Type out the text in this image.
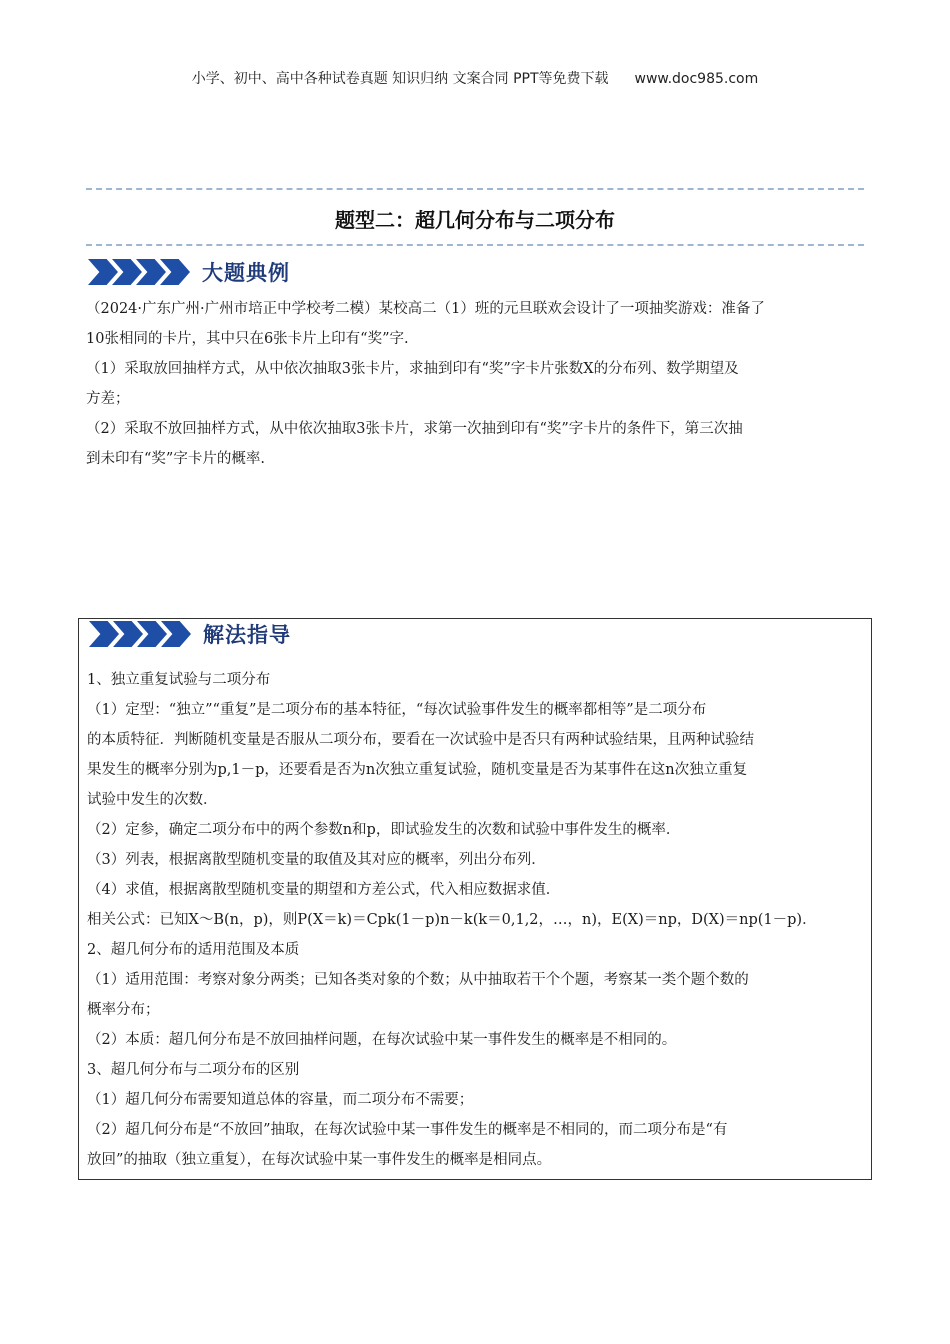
小学、初中、高中各种试卷真题 知识归纳 文案合同 PPT等免费下载 www.doc985.com
题型二：超几何分布与二项分布
大题典例

（2024·广东广州·广州市培正中学校考二模）某校高二（1）班的元旦联欢会设计了一项抽奖游戏：准备了

10张相同的卡片，其中只在6张卡片上印有“奖”字.

（1）采取放回抽样方式，从中依次抽取3张卡片，求抽到印有“奖”字卡片张数X的分布列、数学期望及

方差；

（2）采取不放回抽样方式，从中依次抽取3张卡片，求第一次抽到印有“奖”字卡片的条件下，第三次抽

到未印有“奖”字卡片的概率.

解法指导

1、独立重复试验与二项分布

（1）定型：“独立”“重复”是二项分布的基本特征，“每次试验事件发生的概率都相等”是二项分布

的本质特征．判断随机变量是否服从二项分布，要看在一次试验中是否只有两种试验结果，且两种试验结

果发生的概率分别为p,1－p，还要看是否为n次独立重复试验，随机变量是否为某事件在这n次独立重复

试验中发生的次数．

（2）定参，确定二项分布中的两个参数n和p，即试验发生的次数和试验中事件发生的概率．

（3）列表，根据离散型随机变量的取值及其对应的概率，列出分布列．

（4）求值，根据离散型随机变量的期望和方差公式，代入相应数据求值．

相关公式：已知X～B(n，p)，则P(X＝k)＝Cpk(1－p)n－k(k＝0,1,2，…，n)，E(X)＝np，D(X)＝np(1－p)．

2、超几何分布的适用范围及本质

（1）适用范围：考察对象分两类；已知各类对象的个数；从中抽取若干个个题，考察某一类个题个数的

概率分布；

（2）本质：超几何分布是不放回抽样问题，在每次试验中某一事件发生的概率是不相同的。

3、超几何分布与二项分布的区别

（1）超几何分布需要知道总体的容量，而二项分布不需要；

（2）超几何分布是“不放回”抽取，在每次试验中某一事件发生的概率是不相同的，而二项分布是“有

放回”的抽取（独立重复），在每次试验中某一事件发生的概率是相同点。
